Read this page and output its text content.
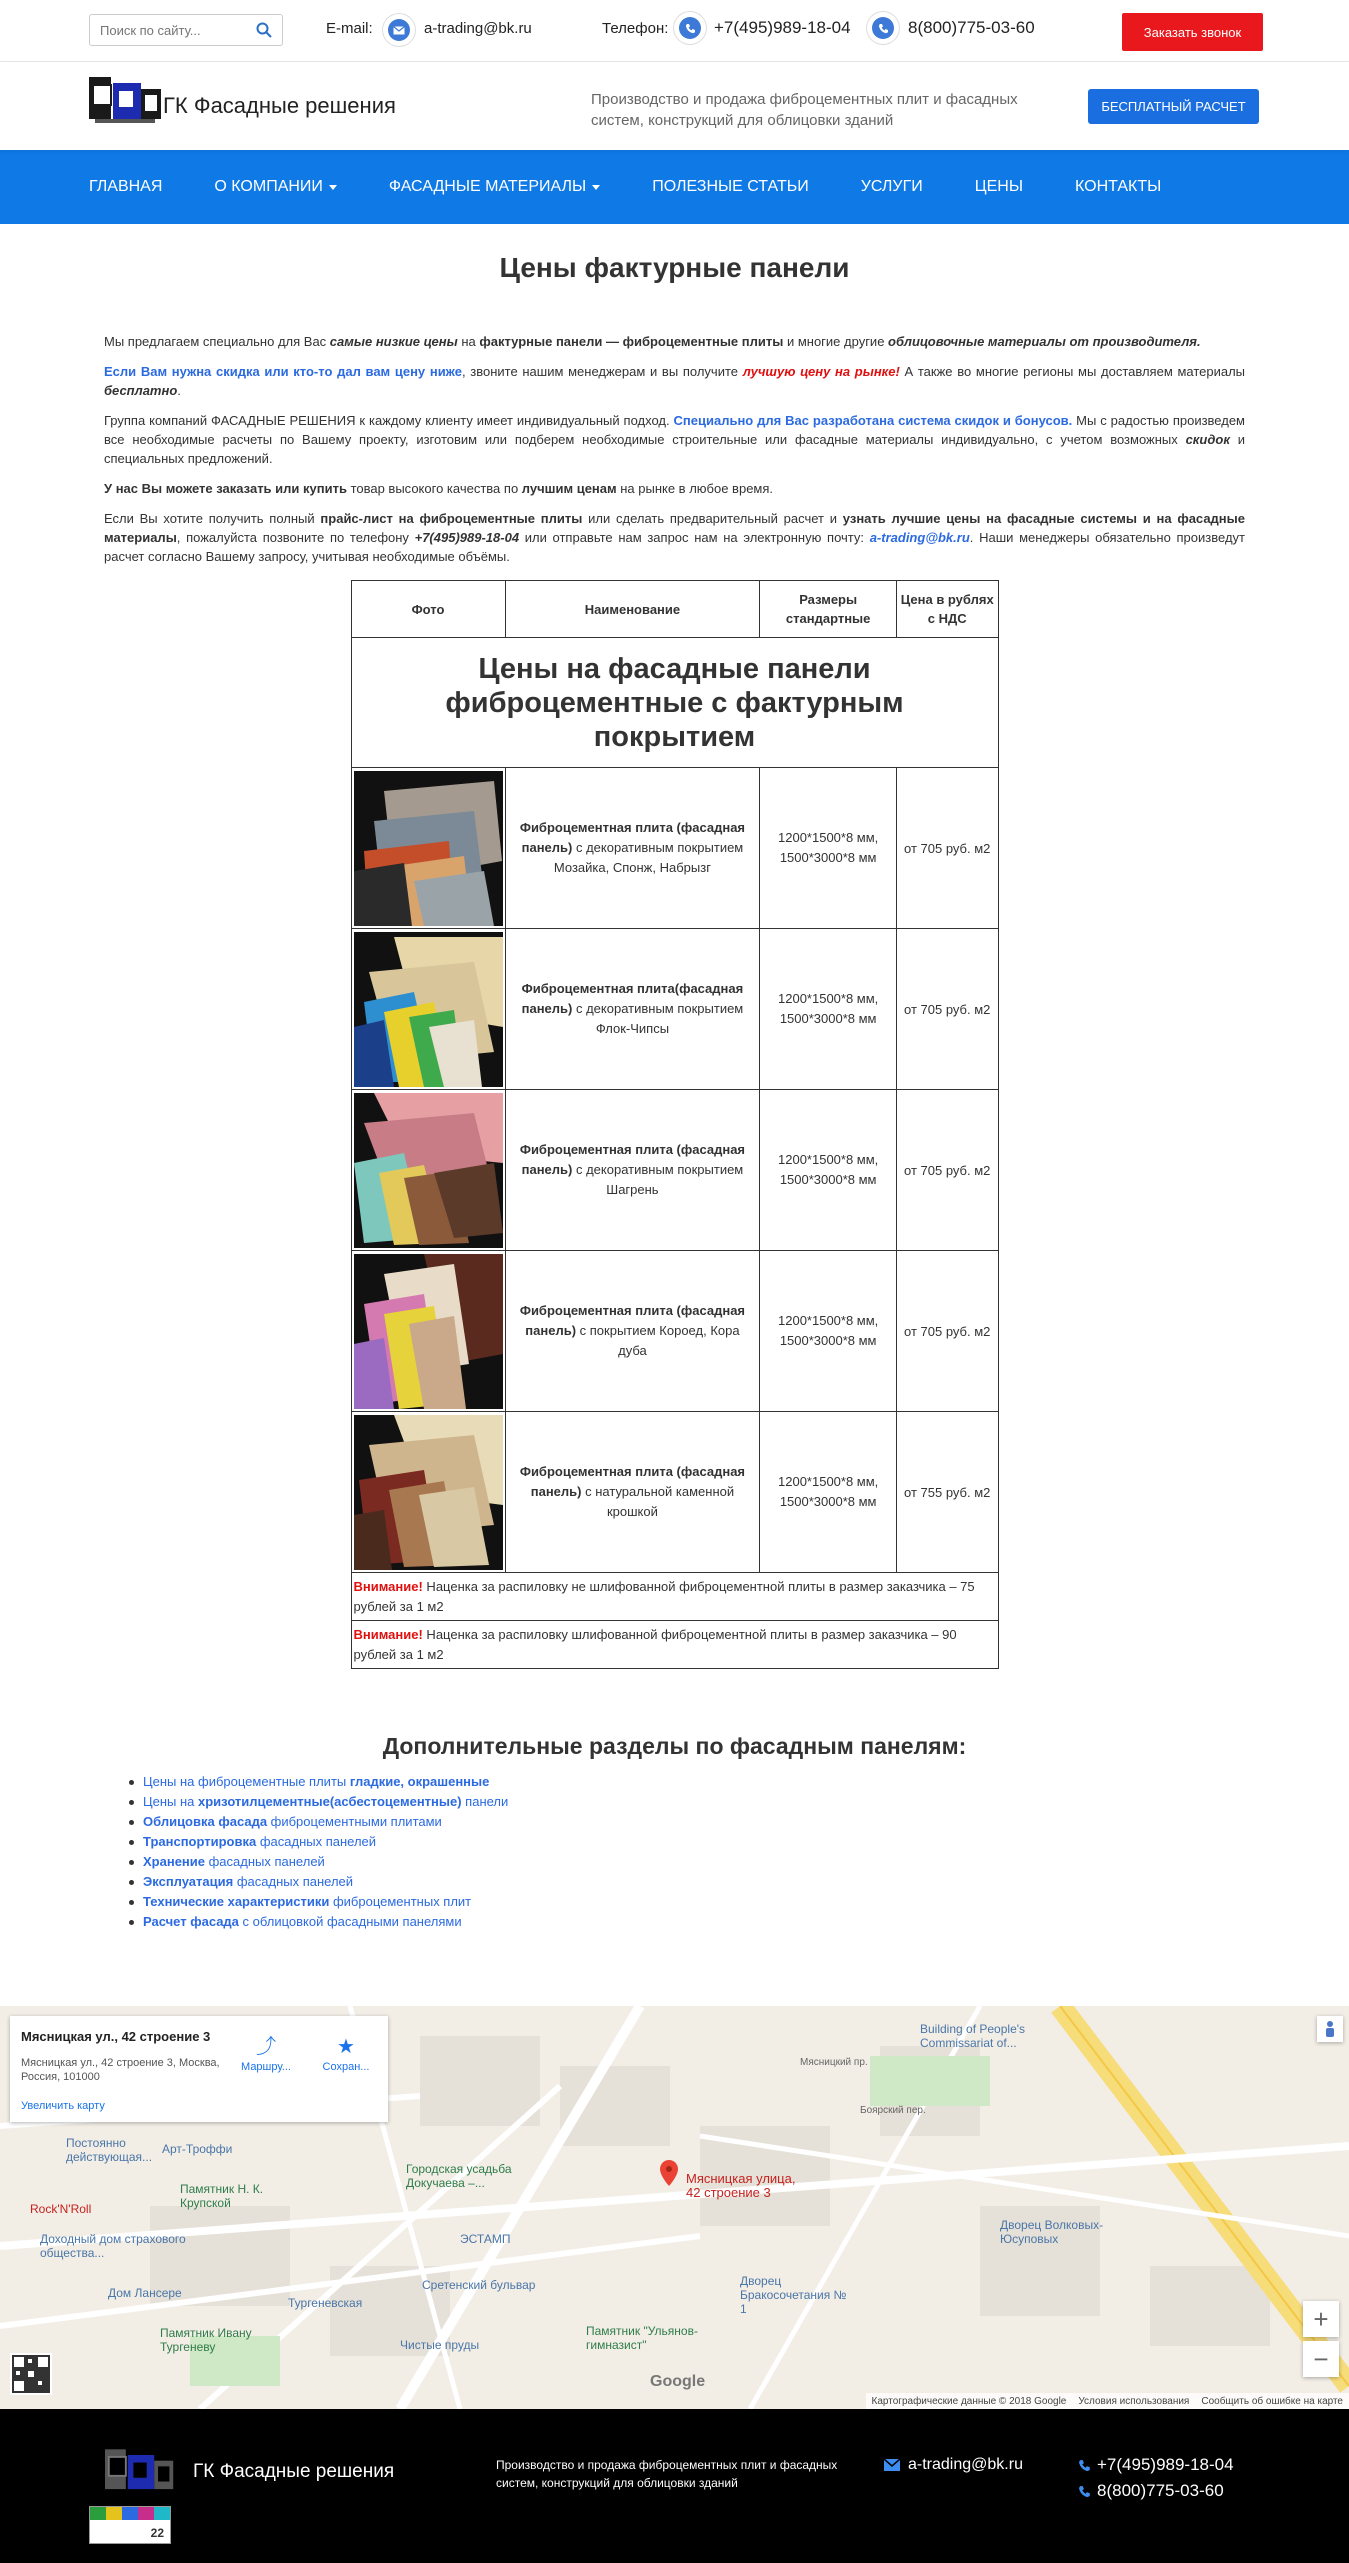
Поиск по сайту...
E-mail:	a-trading@bk.ru	Телефон:	+7(495)989-18-04	8(800)775-03-60	Заказать звонок
ГК Фасадные решения	Производство и продажа фиброцементных плит и фасадных систем, конструкций для облицовки зданий

БЕСПЛАТНЫЙ РАСЧЕТ
ГЛАВНАЯ	О КОМПАНИИ	ФАСАДНЫЕ МАТЕРИАЛЫ	ПОЛЕЗНЫЕ СТАТЬИ	УСЛУГИ	ЦЕНЫ	КОНТАКТЫ
Цены фактурные панели

Мы предлагаем специально для Вас самые низкие цены на фактурные панели — фиброцементные плиты и многие другие облицовочные материалы от производителя.

Если Вам нужна скидка или кто-то дал вам цену ниже, звоните нашим менеджерам и вы получите лучшую цену на рынке! А также во многие регионы мы доставляем материалы бесплатно.

Группа компаний ФАСАДНЫЕ РЕШЕНИЯ к каждому клиенту имеет индивидуальный подход. Специально для Вас разработана система скидок и бонусов. Мы с радостью произведем все необходимые расчеты по Вашему проекту, изготовим или подберем необходимые строительные или фасадные материалы индивидуально, с учетом возможных скидок и специальных предложений.

У нас Вы можете заказать или купить товар высокого качества по лучшим ценам на рынке в любое время.

Если Вы хотите получить полный прайс-лист на фиброцементные плиты или сделать предварительный расчет и узнать лучшие цены на фасадные системы и на фасадные материалы, пожалуйста позвоните по телефону +7(495)989-18-04 или отправьте нам запрос нам на электронную почту: a-trading@bk.ru. Наши менеджеры обязательно произведут расчет согласно Вашему запросу, учитывая необходимые объёмы.

Фото	Наименование	Размеры стандартные	Цена в рублях с НДС
Цены на фасадные панели фиброцементные с фактурным покрытием			

	Фиброцементная плита (фасадная панель) с декоративным покрытием Мозайка, Спонж, Набрызг	1200*1500*8 мм, 1500*3000*8 мм	от 705 руб. м2

	Фиброцементная плита(фасадная панель) с декоративным покрытием Флок-Чипсы	1200*1500*8 мм, 1500*3000*8 мм	от 705 руб. м2

	Фиброцементная плита (фасадная панель) с декоративным покрытием Шагрень	1200*1500*8 мм, 1500*3000*8 мм	от 705 руб. м2

	Фиброцементная плита (фасадная панель) с покрытием Короед, Кора дуба	1200*1500*8 мм, 1500*3000*8 мм	от 705 руб. м2

	Фиброцементная плита (фасадная панель) с натуральной каменной крошкой	1200*1500*8 мм, 1500*3000*8 мм	от 755 руб. м2
Внимание! Наценка за распиловку не шлифованной фиброцементной плиты в размер заказчика – 75 рублей за 1 м2			
Внимание! Наценка за распиловку шлифованной фиброцементной плиты в размер заказчика – 90 рублей за 1 м2			
Дополнительные разделы по фасадным панелям:
Цены на фиброцементные плиты гладкие, окрашенные
Цены на хризотилцементные(асбестоцементные) панели
Облицовка фасада фиброцементными плитами
Транспортировка фасадных панелей
Хранение фасадных панелей
Эксплуатация фасадных панелей
Технические характеристики фиброцементных плит
Расчет фасада с облицовкой фасадными панелями
Мясницкая ул., 42 строение 3
Мясницкая ул., 42 строение 3, Москва, Россия, 101000
Увеличить карту
⤴
Маршру...
★
Сохран...
Мясницкая улица, 42 строение 3
Building of People's Commissariat of...
Постоянно действующая...
Городская усадьба Докучаева –...
Арт-Троффи
Памятник Н. К. Крупской
Rock'N'Roll
ЭСТАМП
Доходный дом страхового общества...
Дом Лансере
Тургеневская
Сретенский бульвар
Памятник Ивану Тургеневу	Чистые пруды
Дворец Волковых-Юсуповых
Дворец Бракосочетания № 1
Памятник "Ульянов-гимназист"
Мясницкий пр.
Боярский пер.
+
−
Google
Картографические данные © 2018 Google Условия использования Сообщить об ошибке на карте
ГК Фасадные решения	Производство и продажа фиброцементных плит и фасадных систем, конструкций для облицовки зданий

a-trading@bk.ru	+7(495)989-18-04
8(800)775-03-60
22
